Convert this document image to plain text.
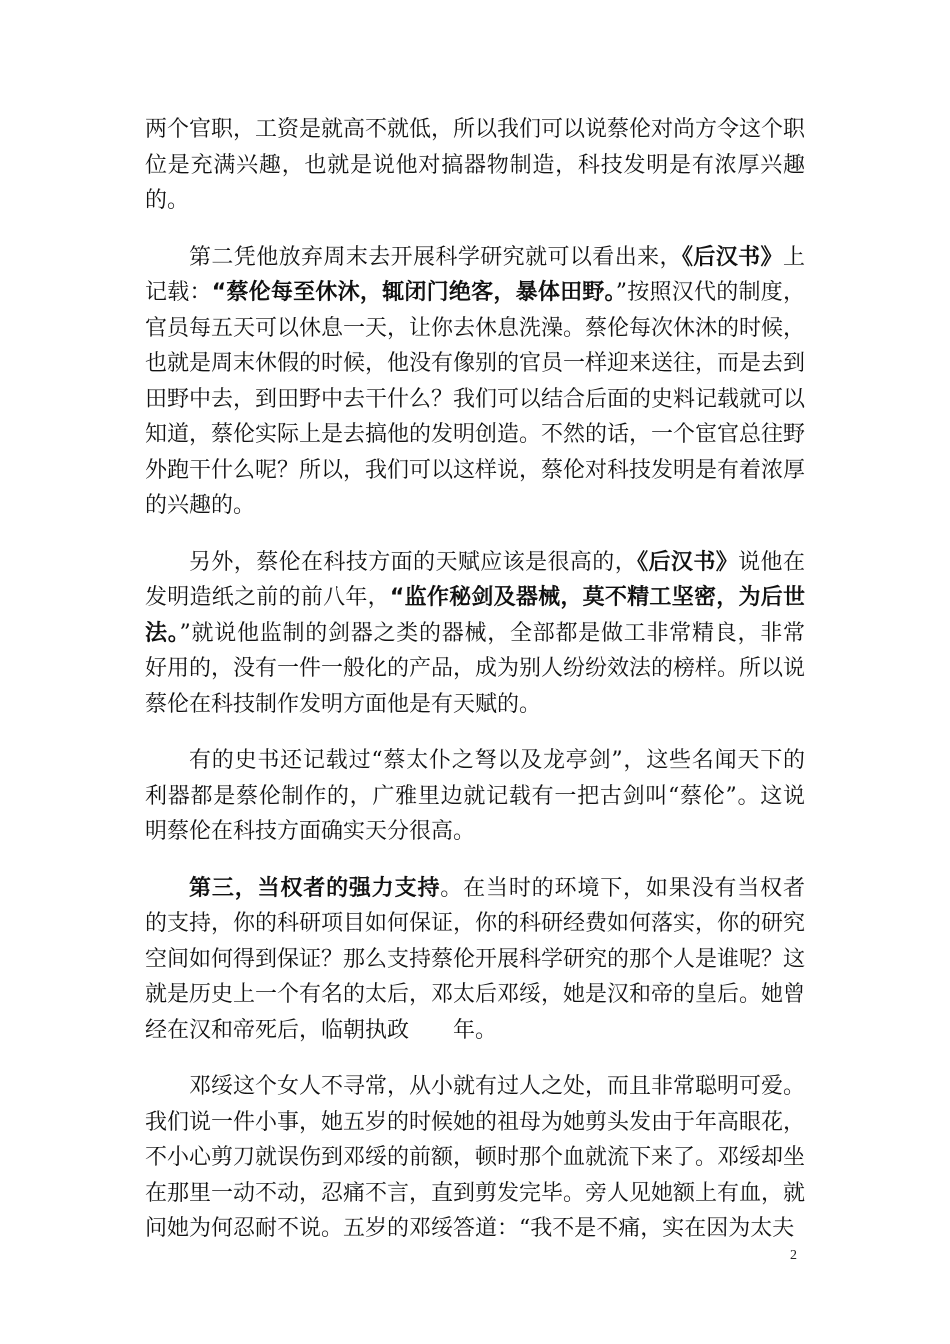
两个官职，工资是就高不就低，所以我们可以说蔡伦对尚方令这个职位是充满兴趣，也就是说他对搞器物制造，科技发明是有浓厚兴趣的。

第二凭他放弃周末去开展科学研究就可以看出来，《后汉书》上记载：“蔡伦每至休沐，辄闭门绝客，暴体田野。”按照汉代的制度，官员每五天可以休息一天，让你去休息洗澡。蔡伦每次休沐的时候，也就是周末休假的时候，他没有像别的官员一样迎来送往，而是去到田野中去，到田野中去干什么？我们可以结合后面的史料记载就可以知道，蔡伦实际上是去搞他的发明创造。不然的话，一个宦官总往野外跑干什么呢？所以，我们可以这样说，蔡伦对科技发明是有着浓厚的兴趣的。

另外，蔡伦在科技方面的天赋应该是很高的，《后汉书》说他在发明造纸之前的前八年，“监作秘剑及器械，莫不精工坚密，为后世法。”就说他监制的剑器之类的器械，全部都是做工非常精良，非常好用的，没有一件一般化的产品，成为别人纷纷效法的榜样。所以说蔡伦在科技制作发明方面他是有天赋的。

有的史书还记载过“蔡太仆之弩以及龙亭剑”，这些名闻天下的利器都是蔡伦制作的，广雅里边就记载有一把古剑叫“蔡伦”。这说明蔡伦在科技方面确实天分很高。

第三，当权者的强力支持。在当时的环境下，如果没有当权者的支持，你的科研项目如何保证，你的科研经费如何落实，你的研究空间如何得到保证？那么支持蔡伦开展科学研究的那个人是谁呢？这就是历史上一个有名的太后，邓太后邓绥，她是汉和帝的皇后。她曾经在汉和帝死后，临朝执政　　年。

邓绥这个女人不寻常，从小就有过人之处，而且非常聪明可爱。我们说一件小事，她五岁的时候她的祖母为她剪头发由于年高眼花，不小心剪刀就误伤到邓绥的前额，顿时那个血就流下来了。邓绥却坐在那里一动不动，忍痛不言，直到剪发完毕。旁人见她额上有血，就问她为何忍耐不说。五岁的邓绥答道：“我不是不痛，实在因为太夫

2
